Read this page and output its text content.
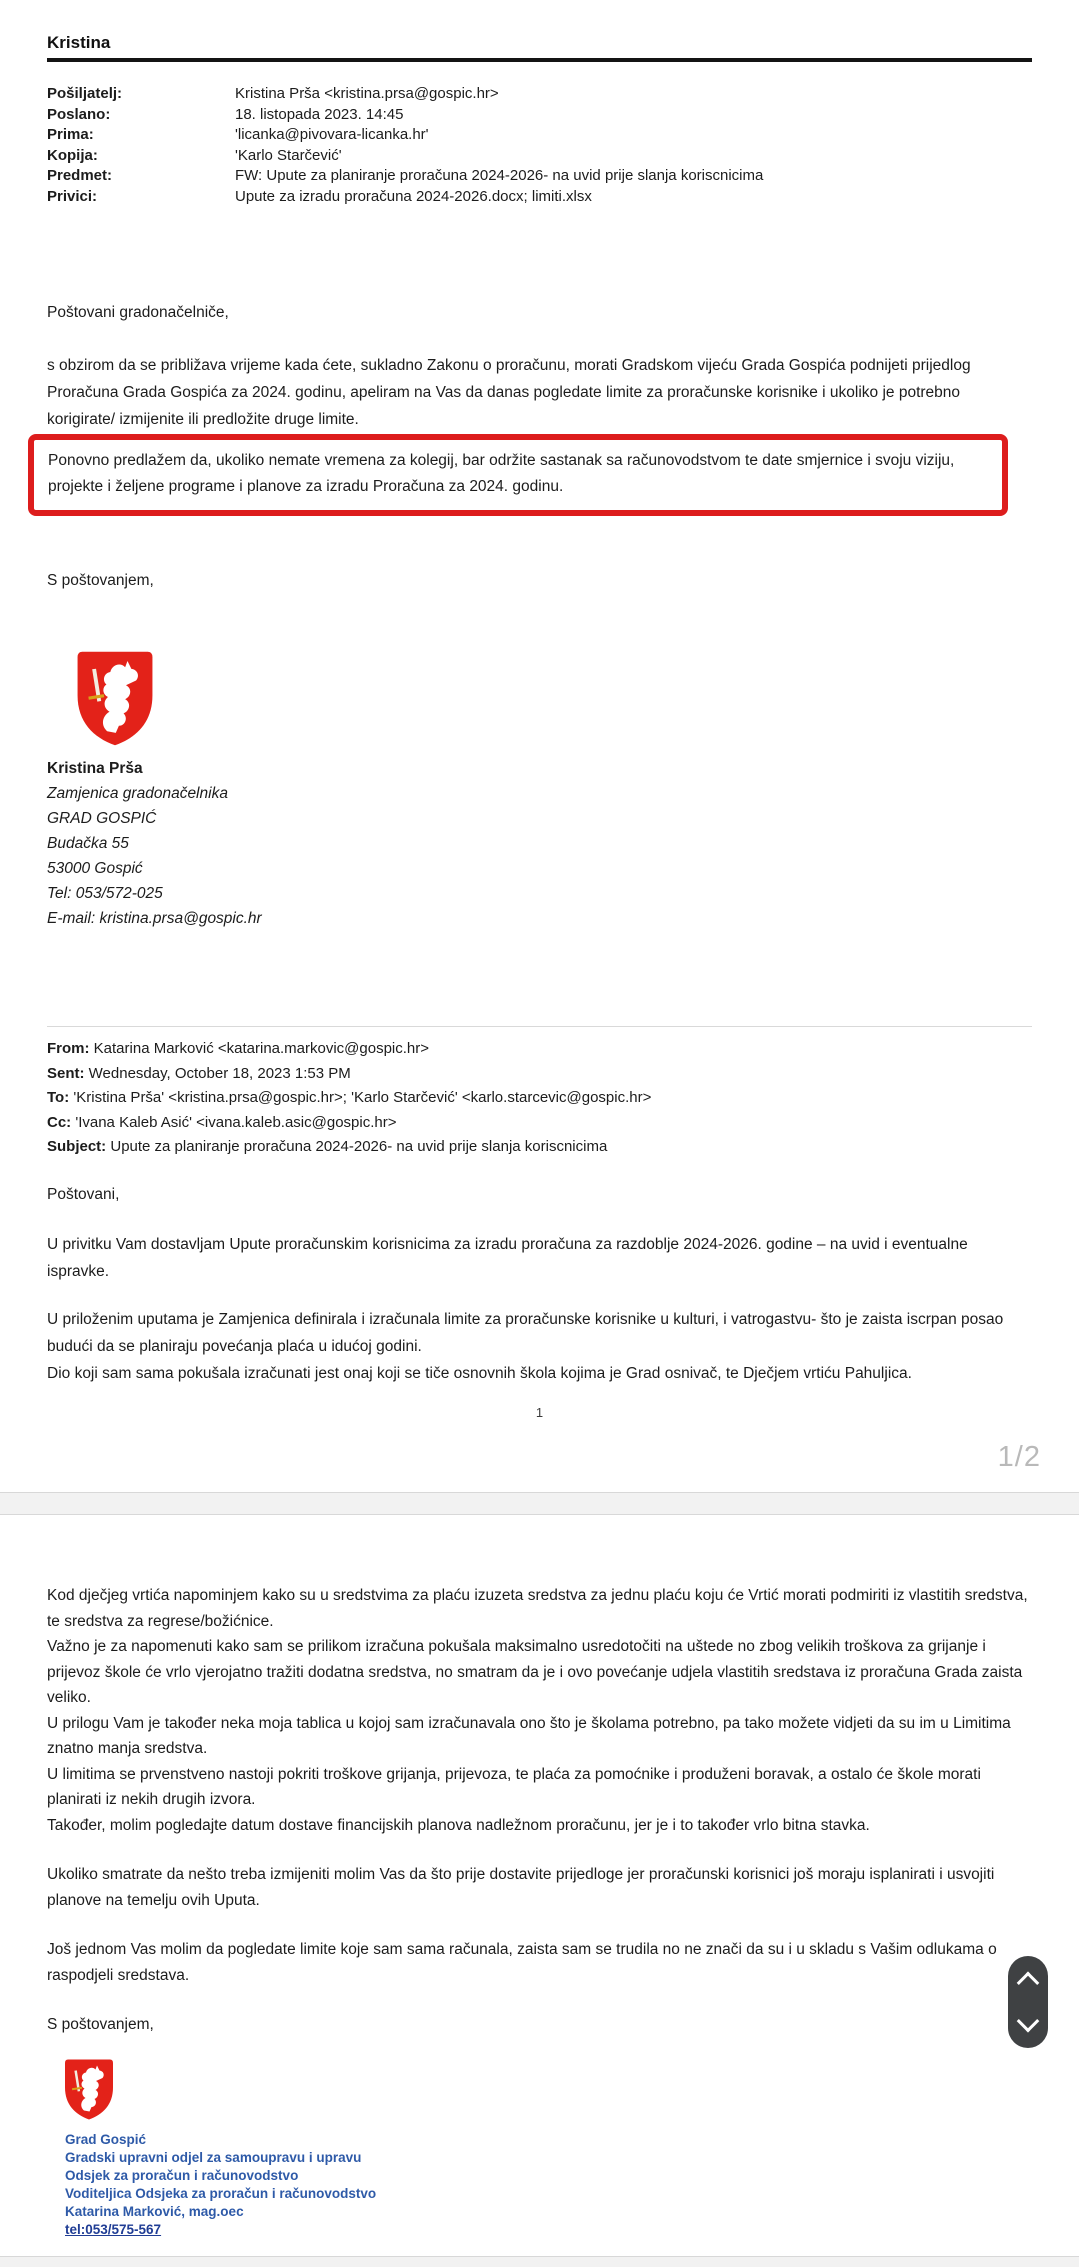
Kristina
Pošiljatelj:	Kristina Prša <kristina.prsa@gospic.hr>
Poslano:	18. listopada 2023. 14:45
Prima:	'licanka@pivovara-licanka.hr'
Kopija:	'Karlo Starčević'
Predmet:	FW: Upute za planiranje proračuna 2024-2026- na uvid prije slanja koriscnicima
Privici:	Upute za izradu proračuna 2024-2026.docx; limiti.xlsx
Poštovani gradonačelniče,
s obzirom da se približava vrijeme kada ćete, sukladno Zakonu o proračunu, morati Gradskom vijeću Grada Gospića podnijeti prijedlog Proračuna Grada Gospića za 2024. godinu, apeliram na Vas da danas pogledate limite za proračunske korisnike i ukoliko je potrebno korigirate/ izmijenite ili predložite druge limite.

Ponovno predlažem da, ukoliko nemate vremena za kolegij, bar održite sastanak sa računovodstvom te date smjernice i svoju viziju, projekte i željene programe i planove za izradu Proračuna za 2024. godinu.

S poštovanjem,
Kristina Prša
Zamjenica gradonačelnika
GRAD GOSPIĆ
Budačka 55
53000 Gospić
Tel: 053/572-025
E-mail: kristina.prsa@gospic.hr
From: Katarina Marković <katarina.markovic@gospic.hr>
Sent: Wednesday, October 18, 2023 1:53 PM
To: 'Kristina Prša' <kristina.prsa@gospic.hr>; 'Karlo Starčević' <karlo.starcevic@gospic.hr>
Cc: 'Ivana Kaleb Asić' <ivana.kaleb.asic@gospic.hr>
Subject: Upute za planiranje proračuna 2024-2026- na uvid prije slanja koriscnicima
Poštovani,
U privitku Vam dostavljam Upute proračunskim korisnicima za izradu proračuna za razdoblje 2024-2026. godine – na uvid i eventualne ispravke.

U priloženim uputama je Zamjenica definirala i izračunala limite za proračunske korisnike u kulturi, i vatrogastvu- što je zaista iscrpan posao budući da se planiraju povećanja plaća u idućoj godini.

Dio koji sam sama pokušala izračunati jest onaj koji se tiče osnovnih škola kojima je Grad osnivač, te Dječjem vrtiću Pahuljica.

1
1/2

Kod dječjeg vrtića napominjem kako su u sredstvima za plaću izuzeta sredstva za jednu plaću koju će Vrtić morati podmiriti iz vlastitih sredstva, te sredstva za regrese/božićnice.

Važno je za napomenuti kako sam se prilikom izračuna pokušala maksimalno usredotočiti na uštede no zbog velikih troškova za grijanje i prijevoz škole će vrlo vjerojatno tražiti dodatna sredstva, no smatram da je i ovo povećanje udjela vlastitih sredstava iz proračuna Grada zaista veliko.

U prilogu Vam je također neka moja tablica u kojoj sam izračunavala ono što je školama potrebno, pa tako možete vidjeti da su im u Limitima znatno manja sredstva.

U limitima se prvenstveno nastoji pokriti troškove grijanja, prijevoza, te plaća za pomoćnike i produženi boravak, a ostalo će škole morati planirati iz nekih drugih izvora.

Također, molim pogledajte datum dostave financijskih planova nadležnom proračunu, jer je i to također vrlo bitna stavka.

Ukoliko smatrate da nešto treba izmijeniti molim Vas da što prije dostavite prijedloge jer proračunski korisnici još moraju isplanirati i usvojiti planove na temelju ovih Uputa.

Još jednom Vas molim da pogledate limite koje sam sama računala, zaista sam se trudila no ne znači da su i u skladu s Vašim odlukama o raspodjeli sredstava.

S poštovanjem,

Grad Gospić
Gradski upravni odjel za samoupravu i upravu
Odsjek za proračun i računovodstvo
Voditeljica Odsjeka za proračun i računovodstvo
Katarina Marković, mag.oec
tel:053/575-567
